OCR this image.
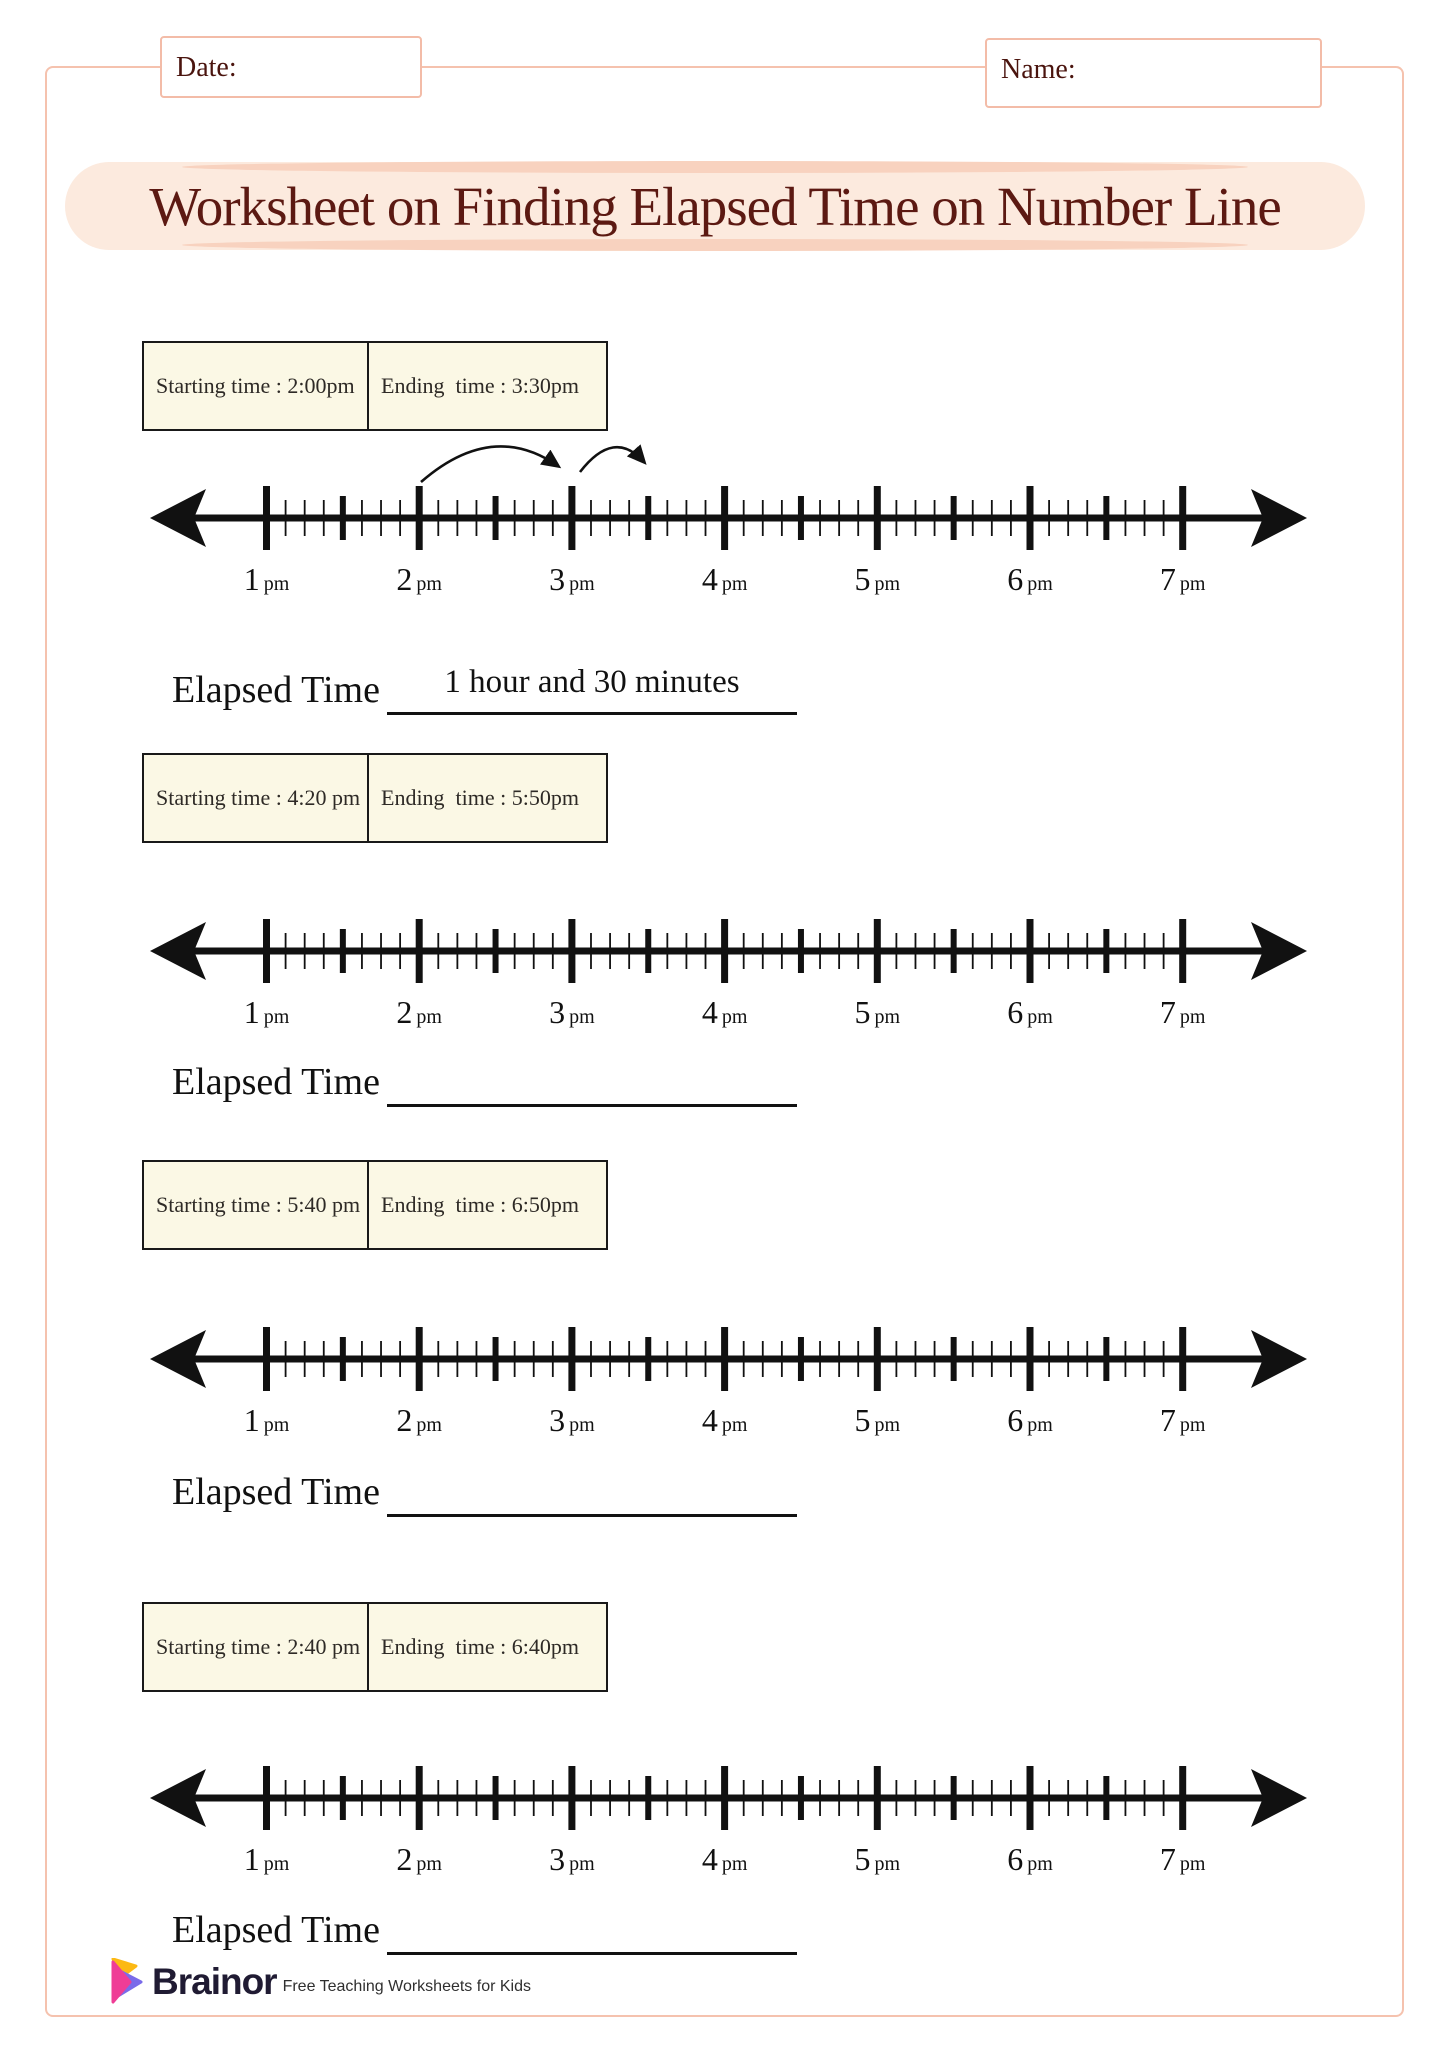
Date:	Name:
Worksheet on Finding Elapsed Time on Number Line
Starting time : 2:00pm Ending  time : 3:30pm
1 pm	2 pm	3 pm	4 pm	5 pm	6 pm	7 pm
Elapsed Time	1 hour and 30 minutes
Starting time : 4:20 pm Ending  time : 5:50pm
1 pm	2 pm	3 pm	4 pm	5 pm	6 pm	7 pm
Elapsed Time
Starting time : 5:40 pm Ending  time : 6:50pm
1 pm	2 pm	3 pm	4 pm	5 pm	6 pm	7 pm
Elapsed Time
Starting time : 2:40 pm Ending  time : 6:40pm
1 pm	2 pm	3 pm	4 pm	5 pm	6 pm	7 pm
Elapsed Time
Brainor Free Teaching Worksheets for Kids
